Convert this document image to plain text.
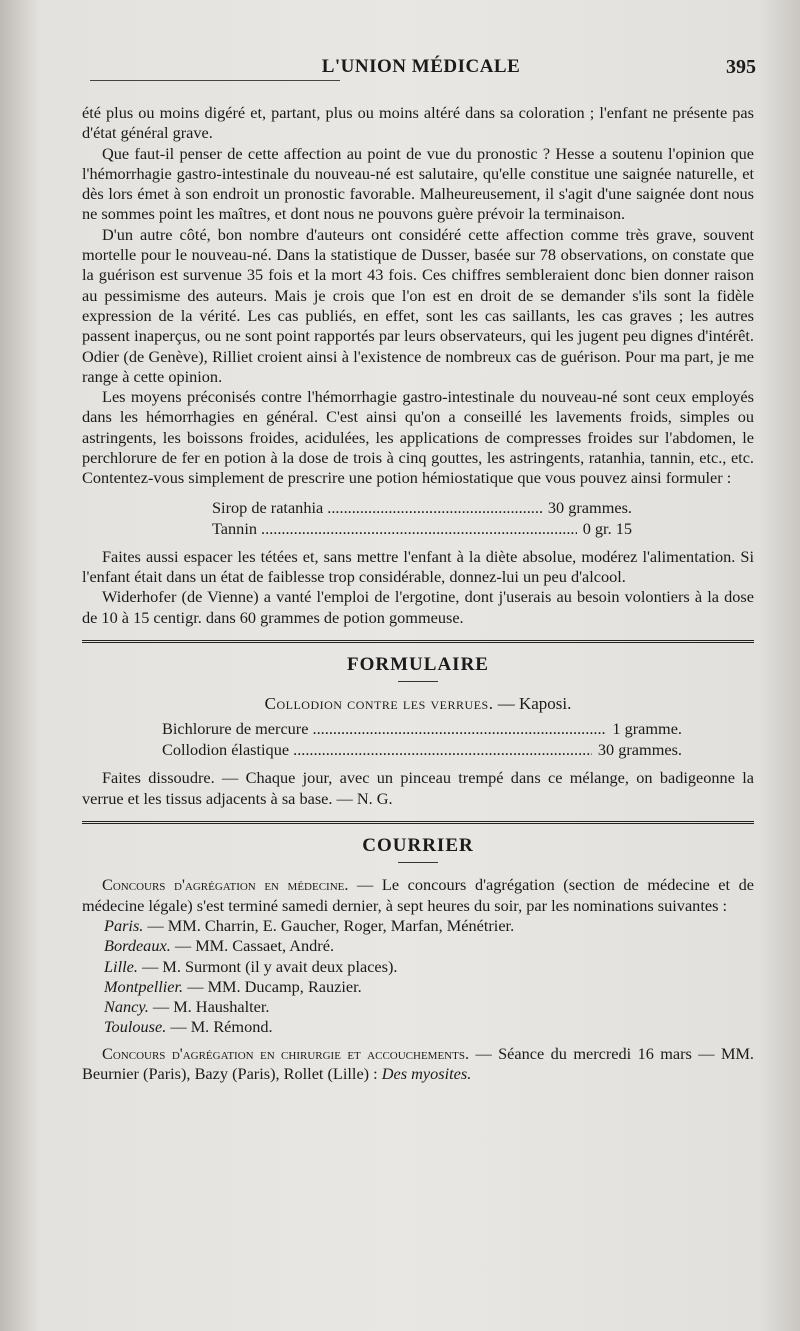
L'UNION MÉDICALE	395

été plus ou moins digéré et, partant, plus ou moins altéré dans sa coloration ; l'enfant ne présente pas d'état général grave.

Que faut-il penser de cette affection au point de vue du pronostic ? Hesse a soutenu l'opinion que l'hémorrhagie gastro-intestinale du nouveau-né est salutaire, qu'elle constitue une saignée naturelle, et dès lors émet à son endroit un pronostic favorable. Malheureusement, il s'agit d'une saignée dont nous ne sommes point les maîtres, et dont nous ne pouvons guère prévoir la terminaison.

D'un autre côté, bon nombre d'auteurs ont considéré cette affection comme très grave, souvent mortelle pour le nouveau-né. Dans la statistique de Dusser, basée sur 78 observations, on constate que la guérison est survenue 35 fois et la mort 43 fois. Ces chiffres sembleraient donc bien donner raison au pessimisme des auteurs. Mais je crois que l'on est en droit de se demander s'ils sont la fidèle expression de la vérité. Les cas publiés, en effet, sont les cas saillants, les cas graves ; les autres passent inaperçus, ou ne sont point rapportés par leurs observateurs, qui les jugent peu dignes d'intérêt. Odier (de Genève), Rilliet croient ainsi à l'existence de nombreux cas de guérison. Pour ma part, je me range à cette opinion.

Les moyens préconisés contre l'hémorrhagie gastro-intestinale du nouveau-né sont ceux employés dans les hémorrhagies en général. C'est ainsi qu'on a conseillé les lavements froids, simples ou astringents, les boissons froides, acidulées, les applications de compresses froides sur l'abdomen, le perchlorure de fer en potion à la dose de trois à cinq gouttes, les astringents, ratanhia, tannin, etc., etc. Contentez-vous simplement de prescrire une potion hémiostatique que vous pouvez ainsi formuler :

Sirop de ratanhia .....	30 grammes.
Tannin .....	0 gr. 15

Faites aussi espacer les tétées et, sans mettre l'enfant à la diète absolue, modérez l'alimentation. Si l'enfant était dans un état de faiblesse trop considérable, donnez-lui un peu d'alcool.

Widerhofer (de Vienne) a vanté l'emploi de l'ergotine, dont j'userais au besoin volontiers à la dose de 10 à 15 centigr. dans 60 grammes de potion gommeuse.

FORMULAIRE
Collodion contre les verrues. — Kaposi.
Bichlorure de mercure .....	1 gramme.
Collodion élastique .....	30 grammes.

Faites dissoudre. — Chaque jour, avec un pinceau trempé dans ce mélange, on badigeonne la verrue et les tissus adjacents à sa base. — N. G.

COURRIER

Concours d'agrégation en médecine. — Le concours d'agrégation (section de médecine et de médecine légale) s'est terminé samedi dernier, à sept heures du soir, par les nominations suivantes :

Paris. — MM. Charrin, E. Gaucher, Roger, Marfan, Ménétrier.
Bordeaux. — MM. Cassaet, André.
Lille. — M. Surmont (il y avait deux places).
Montpellier. — MM. Ducamp, Rauzier.
Nancy. — M. Haushalter.
Toulouse. — M. Rémond.

Concours d'agrégation en chirurgie et accouchements. — Séance du mercredi 16 mars — MM. Beurnier (Paris), Bazy (Paris), Rollet (Lille) : Des myosites.
